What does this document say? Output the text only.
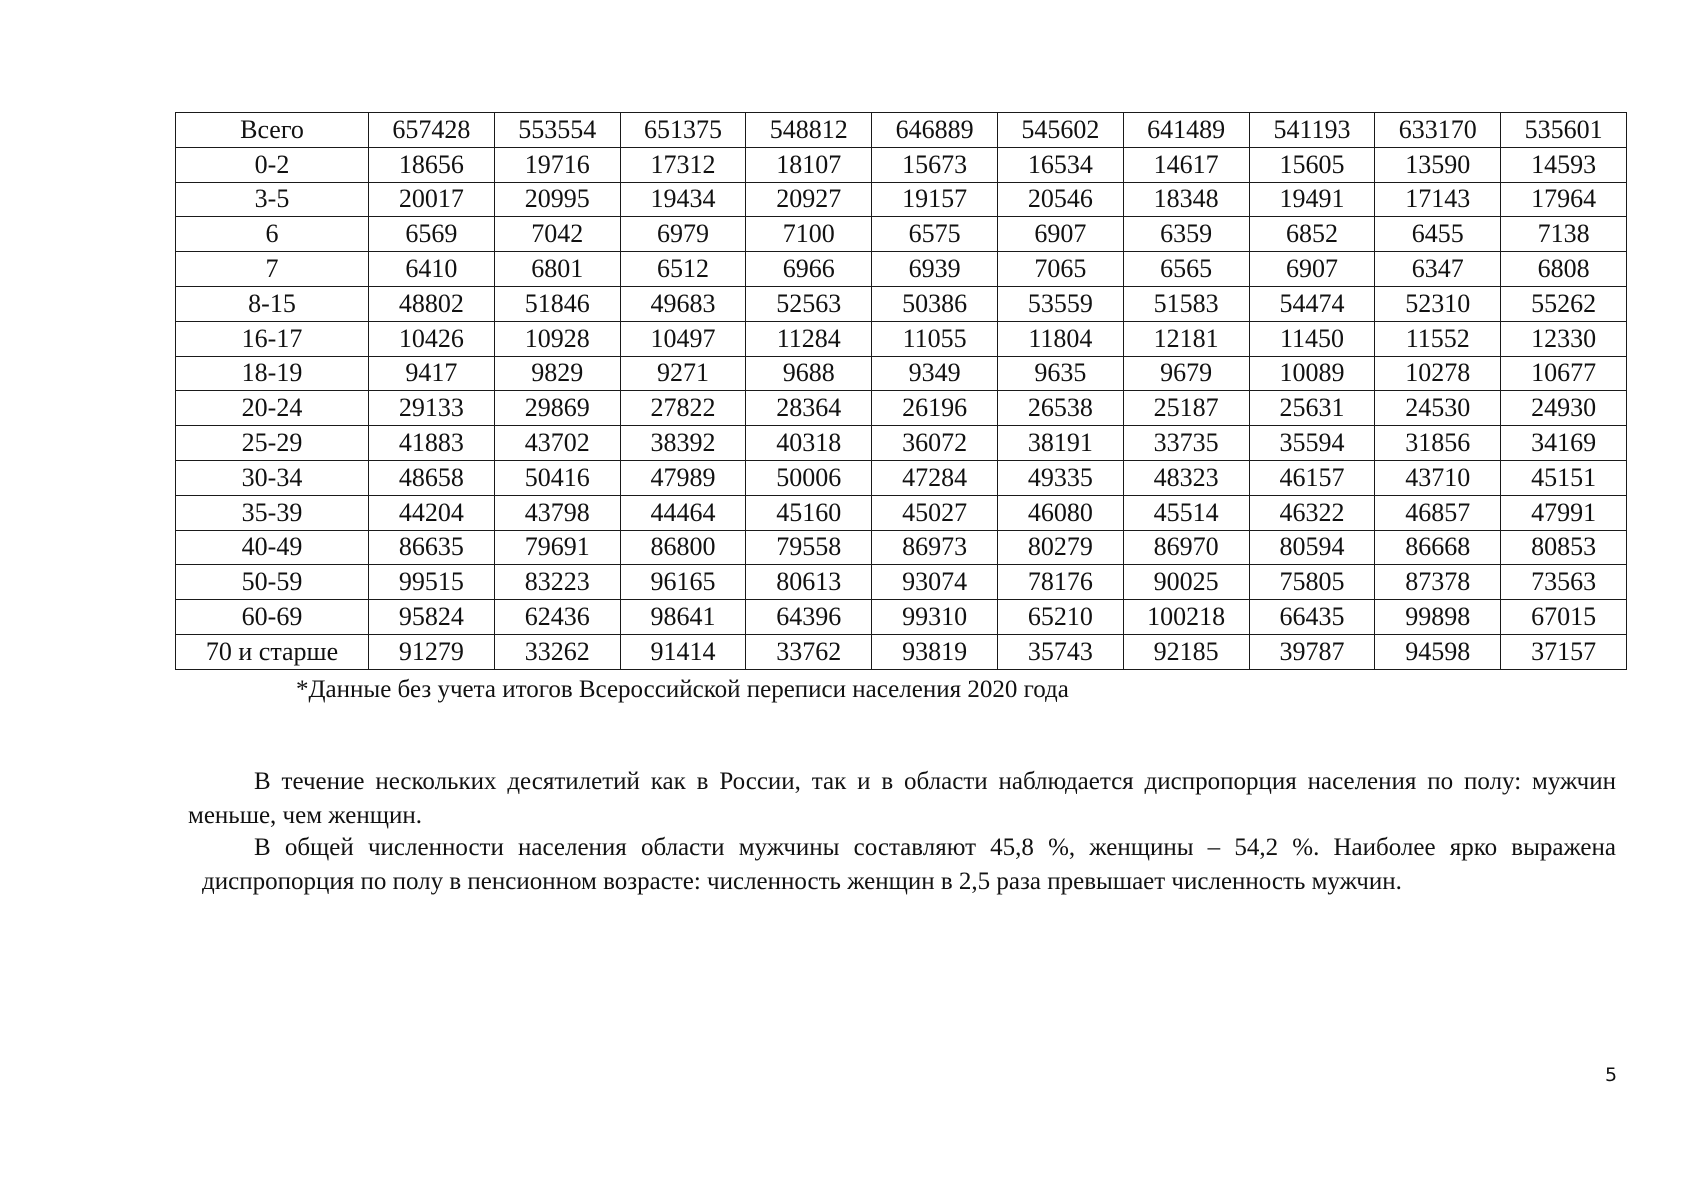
Всего	657428	553554	651375	548812	646889	545602	641489	541193	633170	535601
0-2	18656	19716	17312	18107	15673	16534	14617	15605	13590	14593
3-5	20017	20995	19434	20927	19157	20546	18348	19491	17143	17964
6	6569	7042	6979	7100	6575	6907	6359	6852	6455	7138
7	6410	6801	6512	6966	6939	7065	6565	6907	6347	6808
8-15	48802	51846	49683	52563	50386	53559	51583	54474	52310	55262
16-17	10426	10928	10497	11284	11055	11804	12181	11450	11552	12330
18-19	9417	9829	9271	9688	9349	9635	9679	10089	10278	10677
20-24	29133	29869	27822	28364	26196	26538	25187	25631	24530	24930
25-29	41883	43702	38392	40318	36072	38191	33735	35594	31856	34169
30-34	48658	50416	47989	50006	47284	49335	48323	46157	43710	45151
35-39	44204	43798	44464	45160	45027	46080	45514	46322	46857	47991
40-49	86635	79691	86800	79558	86973	80279	86970	80594	86668	80853
50-59	99515	83223	96165	80613	93074	78176	90025	75805	87378	73563
60-69	95824	62436	98641	64396	99310	65210	100218	66435	99898	67015
70 и старше	91279	33262	91414	33762	93819	35743	92185	39787	94598	37157
*Данные без учета итогов Всероссийской переписи населения 2020 года

В течение нескольких десятилетий как в России, так и в области наблюдается диспропорция населения по полу: мужчин меньше, чем женщин.

В общей численности населения области мужчины составляют 45,8 %, женщины – 54,2 %. Наиболее ярко выражена диспропорция по полу в пенсионном возрасте: численность женщин в 2,5 раза превышает численность мужчин.

5
